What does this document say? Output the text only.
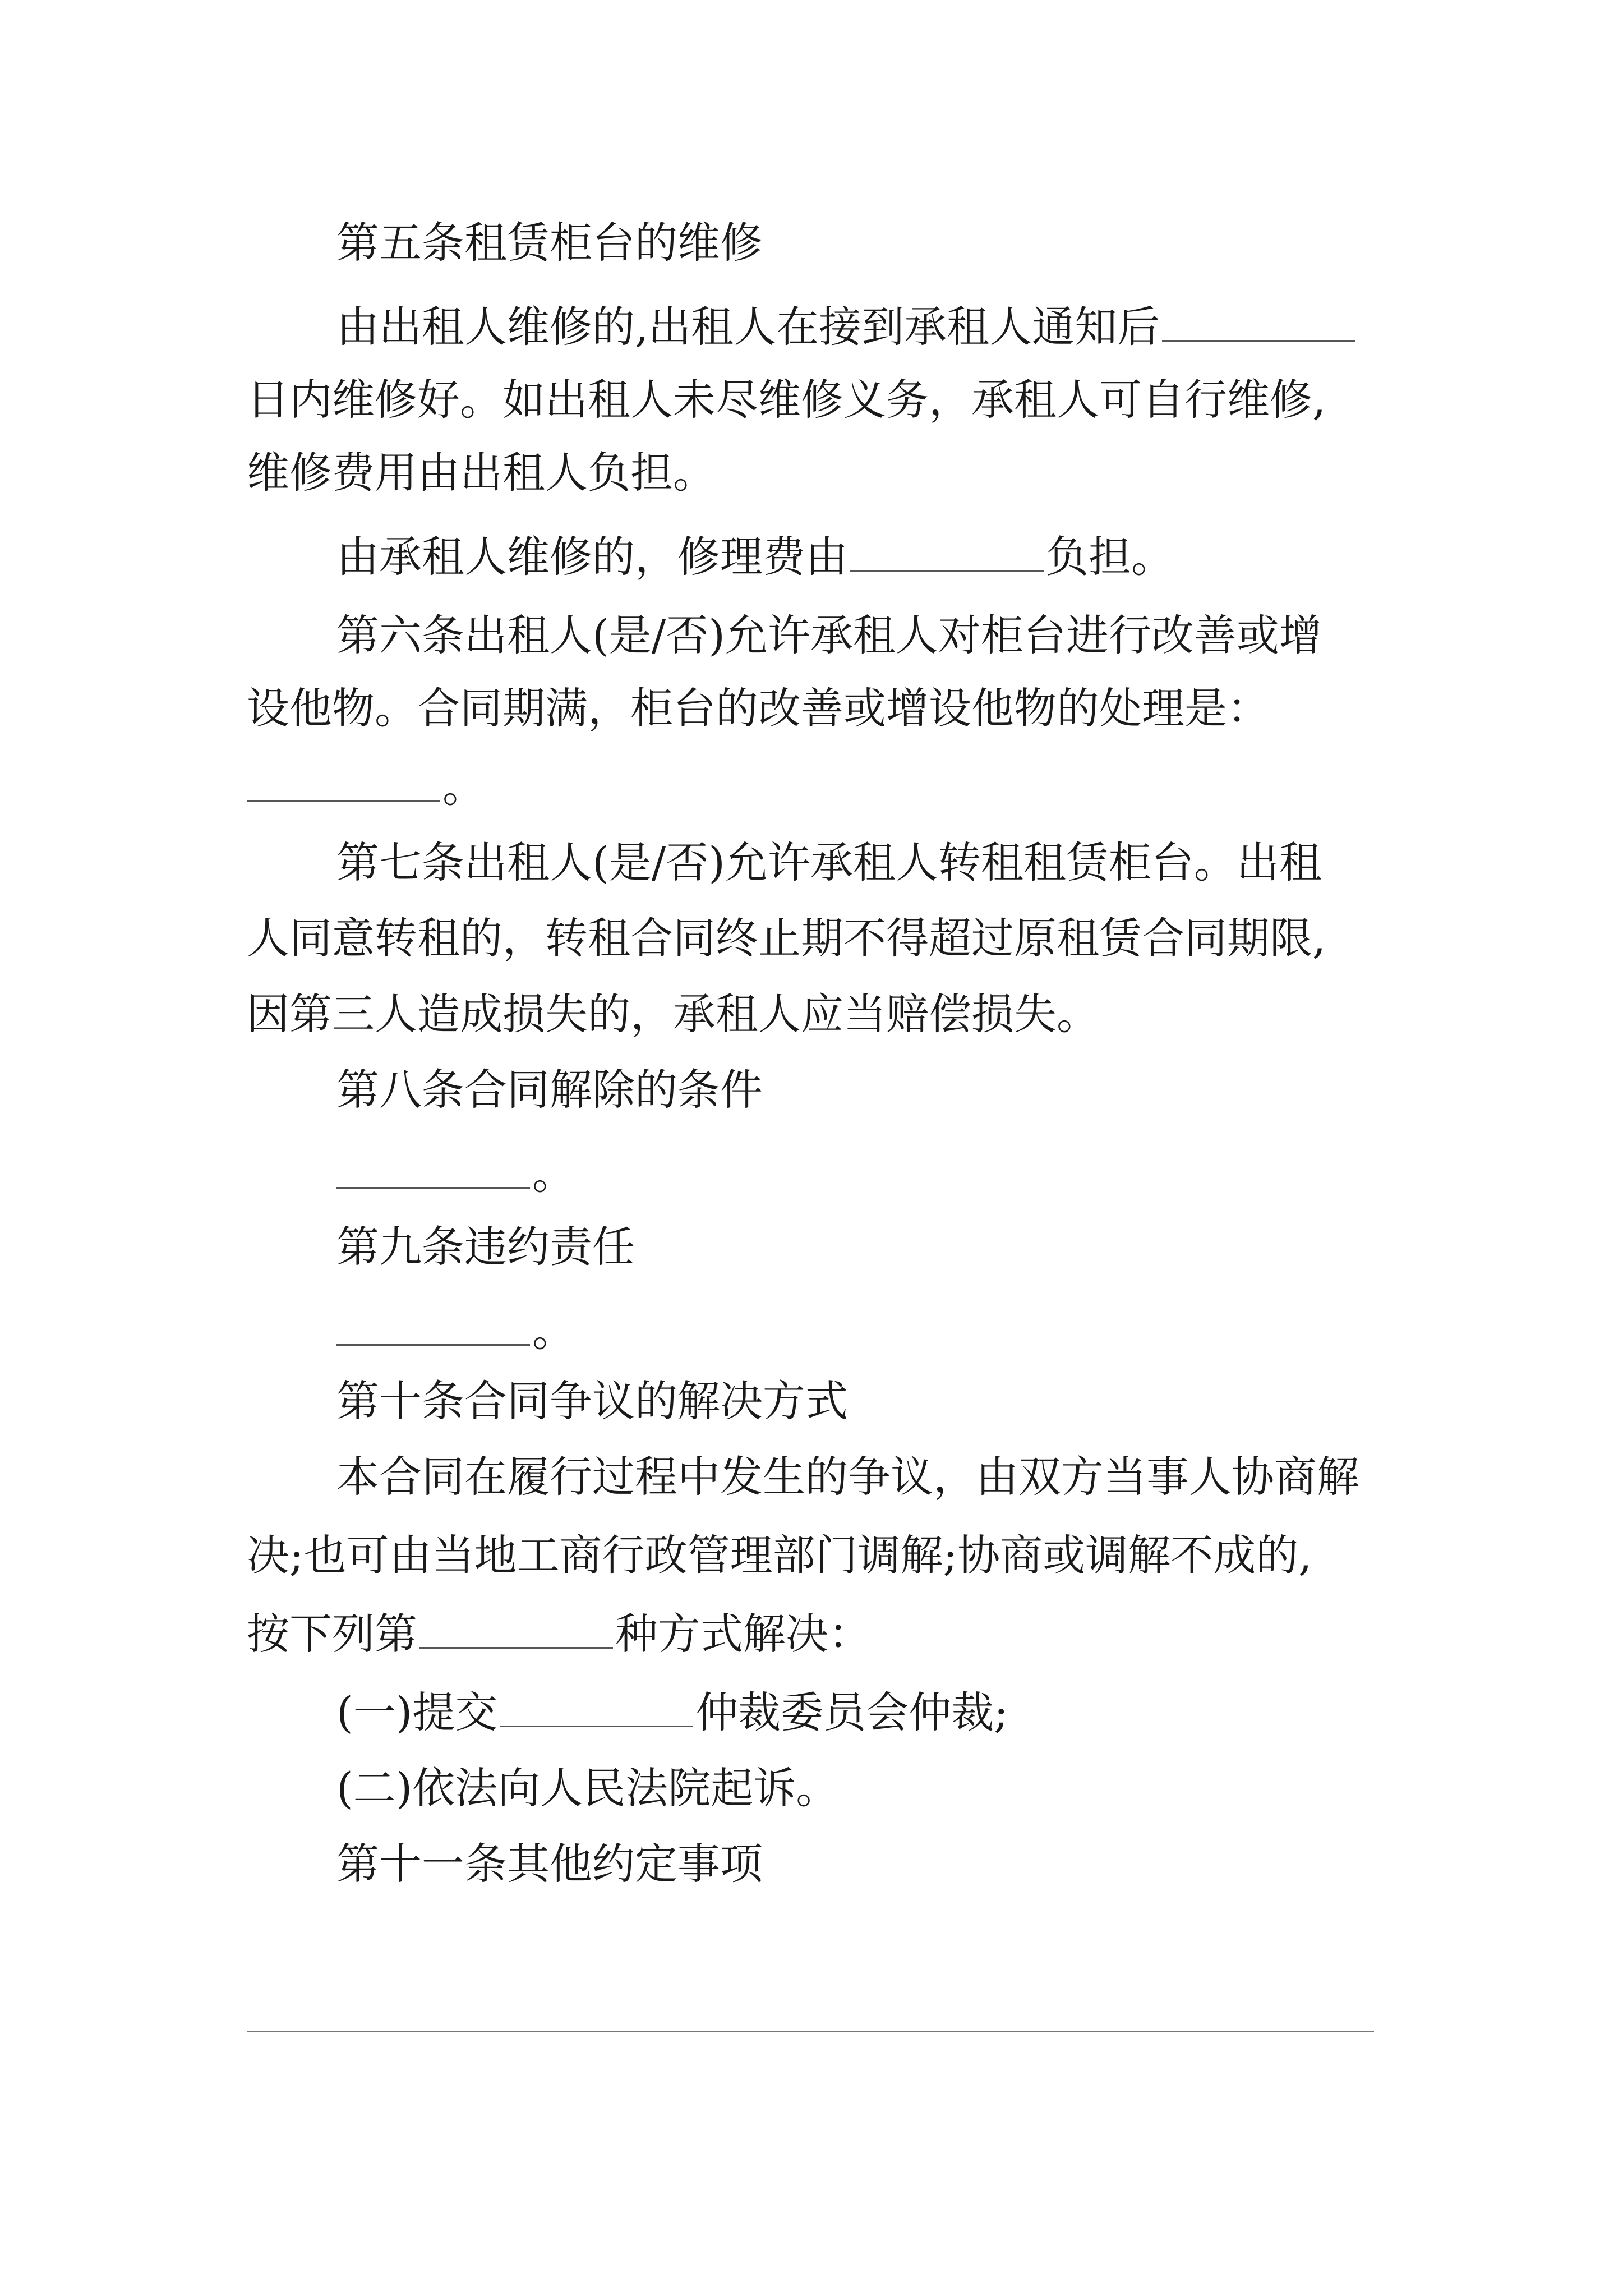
第五条租赁柜台的维修
由出租人维修的,出租人在接到承租人通知后
日内维修好。如出租人未尽维修义务，承租人可自行维修,
维修费用由出租人负担。
由承租人维修的，修理费由	负担。
第六条出租人(是/否)允许承租人对柜台进行改善或增
设他物。合同期满，柜台的改善或增设他物的处理是：
。
第七条出租人(是/否)允许承租人转租租赁柜台。出租
人同意转租的，转租合同终止期不得超过原租赁合同期限,
因第三人造成损失的，承租人应当赔偿损失。
第八条合同解除的条件
。
第九条违约责任
。
第十条合同争议的解决方式
本合同在履行过程中发生的争议，由双方当事人协商解
决;也可由当地工商行政管理部门调解;协商或调解不成的,
按下列第	种方式解决：
(一)提交	仲裁委员会仲裁;
(二)依法向人民法院起诉。
第十一条其他约定事项
